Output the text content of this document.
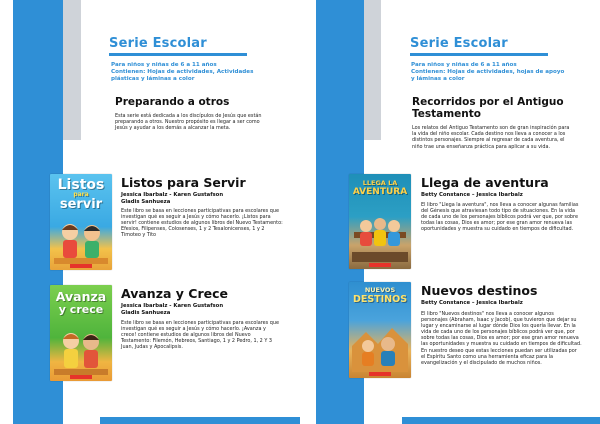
Serie Escolar
Para niños y niñas de 6 a 11 años
Contienen: Hojas de actividades, Actividades
plásticas y láminas a color
Preparando a otros
Esta serie está dedicada a los discípulos de Jesús que están
preparando a otros. Nuestro propósito es llegar a ser como
Jesús y ayudar a los demás a alcanzar la meta.
Listos
para
servir
Listos para Servir
Jessica Ibarbalz - Karen Gustafson
Gladis Sanhueza
Este libro se basa en lecciones participativas para escolares que
investigan qué es seguir a Jesús y cómo hacerlo. ¡Listos para
servir! contiene estudios de algunos libros del Nuevo Testamento:
Efesios, Filipenses, Colosenses, 1 y 2 Tesalonicenses, 1 y 2
Timoteo y Tito
Avanza
y crece
Avanza y Crece
Jessica Ibarbalz - Karen Gustafson
Gladis Sanhueza
Este libro se basa en lecciones participativas para escolares que
investigan qué es seguir a Jesús y cómo hacerlo. ¡Avanza y
crece! contiene estudios de algunos libros del Nuevo
Testamento: Filemón, Hebreos, Santiago, 1 y 2 Pedro, 1, 2 Y 3
Juan, Judas y Apocalipsis.
Serie Escolar
Para niños y niñas de 6 a 11 años
Contienen: Hojas de actividades, hojas de apoyo
y láminas a color
Recorridos por el Antiguo
Testamento
Los relatos del Antiguo Testamento son de gran inspiración para
la vida del niño escolar. Cada destino nos lleva a conocer a los
distintos personajes. Siempre al regresar de cada aventura, el
niño trae una enseñanza práctica para aplicar a su vida.
LLEGA LA
AVENTURA
Llega de aventura
Betty Constance – Jessica Ibarbalz
El libro "Llega la aventura", nos lleva a conocer algunas familias
del Génesis que atraviesan todo tipo de situaciones. En la vida
de cada uno de los personajes bíblicos podrá ver que, por sobre
todas las cosas, Dios es amor; por ese gran amor renueva las
oportunidades y muestra su cuidado en tiempos de dificultad.
NUEVOS
DESTINOS
Nuevos destinos
Betty Constance – Jessica Ibarbalz
El libro "Nuevos destinos" nos lleva a conocer algunos
personajes (Abraham, Isaac y Jacob), que tuvieron que dejar su
lugar y encaminarse al lugar dónde Dios los quería llevar. En la
vida de cada uno de los personajes bíblicos podrá ver que, por
sobre todas las cosas, Dios es amor; por ese gran amor renueva
las oportunidades y muestra su cuidado en tiempos de dificultad.
En nuestro deseo que estas lecciones puedan ser utilizadas por
el Espíritu Santo como una herramienta eficaz para la
evangelización y el discipulado de muchos niños.
